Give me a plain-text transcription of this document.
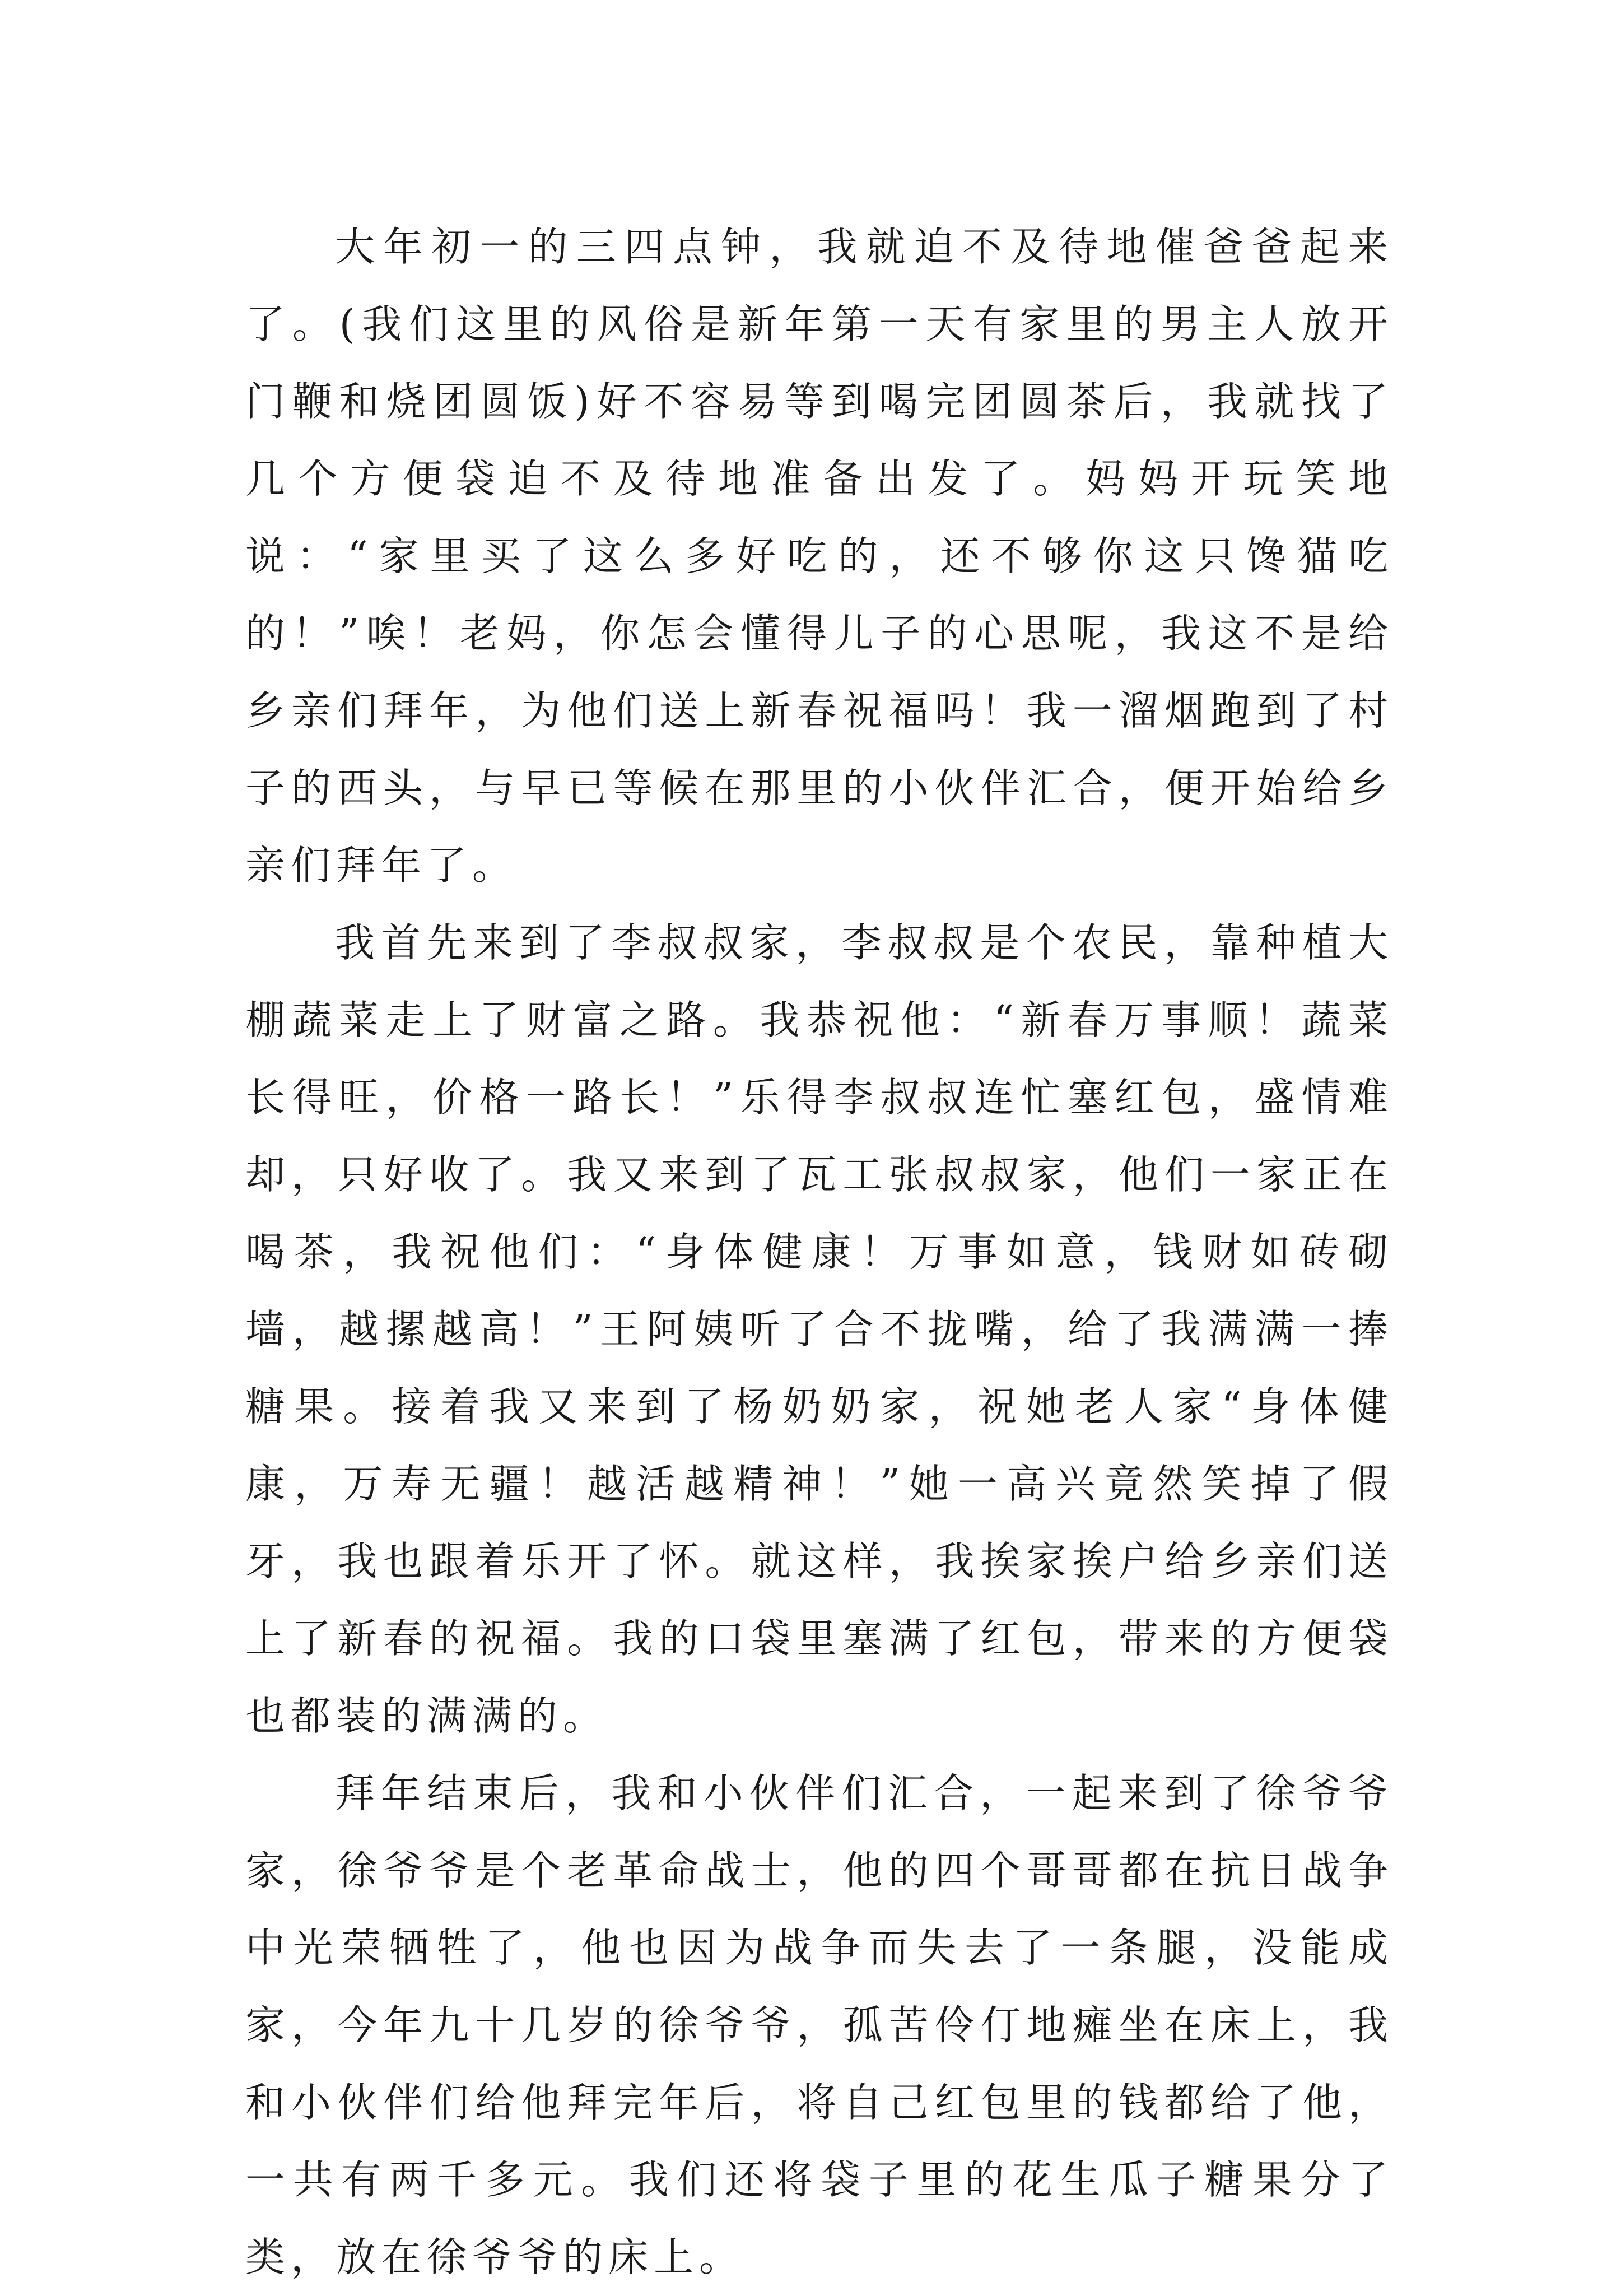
大年初一的三四点钟，我就迫不及待地催爸爸起来了。(我们这里的风俗是新年第一天有家里的男主人放开门鞭和烧团圆饭)好不容易等到喝完团圆茶后，我就找了几个方便袋迫不及待地准备出发了。妈妈开玩笑地说：“家里买了这么多好吃的，还不够你这只馋猫吃的！”唉！老妈，你怎会懂得儿子的心思呢，我这不是给乡亲们拜年，为他们送上新春祝福吗！我一溜烟跑到了村子的西头，与早已等候在那里的小伙伴汇合，便开始给乡亲们拜年了。

我首先来到了李叔叔家，李叔叔是个农民，靠种植大棚蔬菜走上了财富之路。我恭祝他：“新春万事顺！蔬菜长得旺，价格一路长！”乐得李叔叔连忙塞红包，盛情难却，只好收了。我又来到了瓦工张叔叔家，他们一家正在喝茶，我祝他们：“身体健康！万事如意，钱财如砖砌墙，越摞越高！”王阿姨听了合不拢嘴，给了我满满一捧糖果。接着我又来到了杨奶奶家，祝她老人家“身体健康，万寿无疆！越活越精神！”她一高兴竟然笑掉了假牙，我也跟着乐开了怀。就这样，我挨家挨户给乡亲们送上了新春的祝福。我的口袋里塞满了红包，带来的方便袋也都装的满满的。

拜年结束后，我和小伙伴们汇合，一起来到了徐爷爷家，徐爷爷是个老革命战士，他的四个哥哥都在抗日战争中光荣牺牲了，他也因为战争而失去了一条腿，没能成家，今年九十几岁的徐爷爷，孤苦伶仃地瘫坐在床上，我和小伙伴们给他拜完年后，将自己红包里的钱都给了他，一共有两千多元。我们还将袋子里的花生瓜子糖果分了类，放在徐爷爷的床上。
